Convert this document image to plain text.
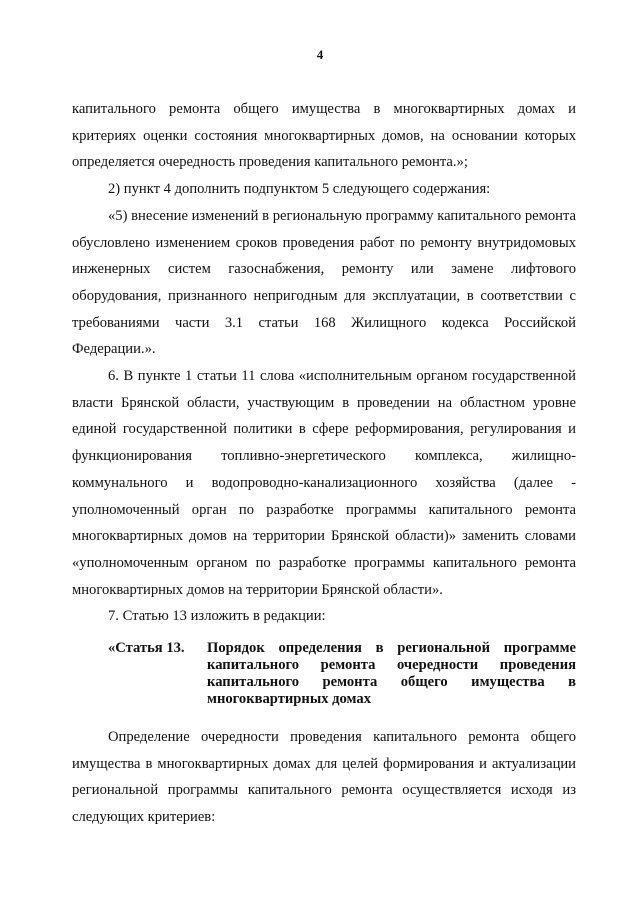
4

капитального ремонта общего имущества в многоквартирных домах и критериях оценки состояния многоквартирных домов, на основании которых определяется очередность проведения капитального ремонта.»;

2) пункт 4 дополнить подпунктом 5 следующего содержания:

«5) внесение изменений в региональную программу капитального ремонта обусловлено изменением сроков проведения работ по ремонту внутридомовых инженерных систем газоснабжения, ремонту или замене лифтового оборудования, признанного непригодным для эксплуатации, в соответствии с требованиями части 3.1 статьи 168 Жилищного кодекса Российской Федерации.».

6. В пункте 1 статьи 11 слова «исполнительным органом государственной власти Брянской области, участвующим в проведении на областном уровне единой государственной политики в сфере реформирования, регулирования и функционирования топливно-энергетического комплекса, жилищно-коммунального и водопроводно-канализационного хозяйства (далее - уполномоченный орган по разработке программы капитального ремонта многоквартирных домов на территории Брянской области)» заменить словами «уполномоченным органом по разработке программы капитального ремонта многоквартирных домов на территории Брянской области».

7. Статью 13 изложить в редакции:

«Статья 13.	Порядок определения в региональной программе
капитального ремонта очередности проведения
капитального ремонта общего имущества в
многоквартирных домах

Определение очередности проведения капитального ремонта общего имущества в многоквартирных домах для целей формирования и актуализации региональной программы капитального ремонта осуществляется исходя из следующих критериев:
